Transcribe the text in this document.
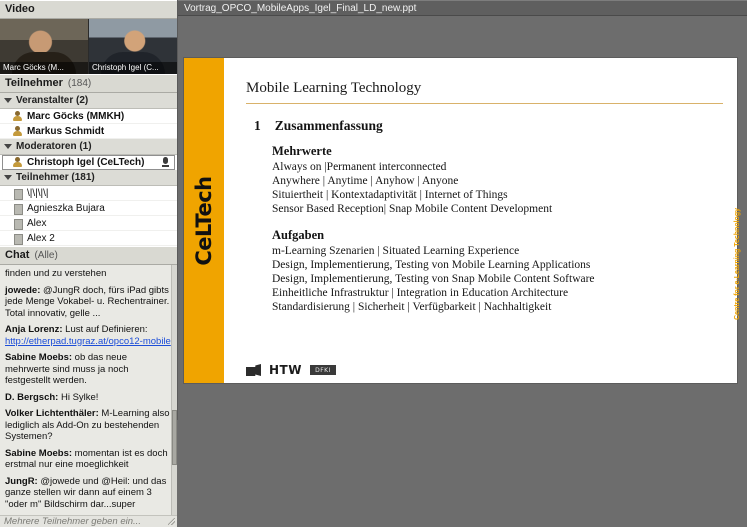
Video
Marc Göcks (M...	Christoph Igel (C...
Teilnehmer (184)
Veranstalter (2)
Marc Göcks (MMKH)
Markus Schmidt
Moderatoren (1)
Christoph Igel (CeLTech)
Teilnehmer (181)
\|\|\|\|
Agnieszka Bujara
Alex
Alex 2
Chat (Alle)
finden und zu verstehen
jowede: @JungR doch, fürs iPad gibts jede Menge Vokabel- u. Rechentrainer. Total innovativ, gelle ...
Anja Lorenz: Lust auf Definieren:
http://etherpad.tugraz.at/opco12-mobile
Sabine Moebs: ob das neue mehrwerte sind muss ja noch festgestellt werden.
D. Bergsch: Hi Sylke!
Volker Lichtenthäler: M-Learning also lediglich als Add-On zu bestehenden Systemen?
Sabine Moebs: momentan ist es doch erstmal nur eine moeglichkeit
JungR: @jowede und @Heil: und das ganze stellen wir dann auf einem 3 "oder m" Bildschirm dar...super
Mehrere Teilnehmer geben ein...
Vortrag_OPCO_MobileApps_Igel_Final_LD_new.ppt
CeLTech
Mobile Learning Technology
1 Zusammenfassung
Mehrwerte

Always on |Permanent interconnected

Anywhere | Anytime | Anyhow | Anyone

Situiertheit | Kontextadaptivität | Internet of Things

Sensor Based Reception| Snap Mobile Content Development

Aufgaben

m-Learning Szenarien | Situated Learning Experience

Design, Implementierung, Testing von Mobile Learning Applications

Design, Implementierung, Testing von Snap Mobile Content Software

Einheitliche Infrastruktur | Integration in Education Architecture

Standardisierung | Sicherheit | Verfügbarkeit | Nachhaltigkeit

HTW DFKI
Centre for e-Learning Technology
